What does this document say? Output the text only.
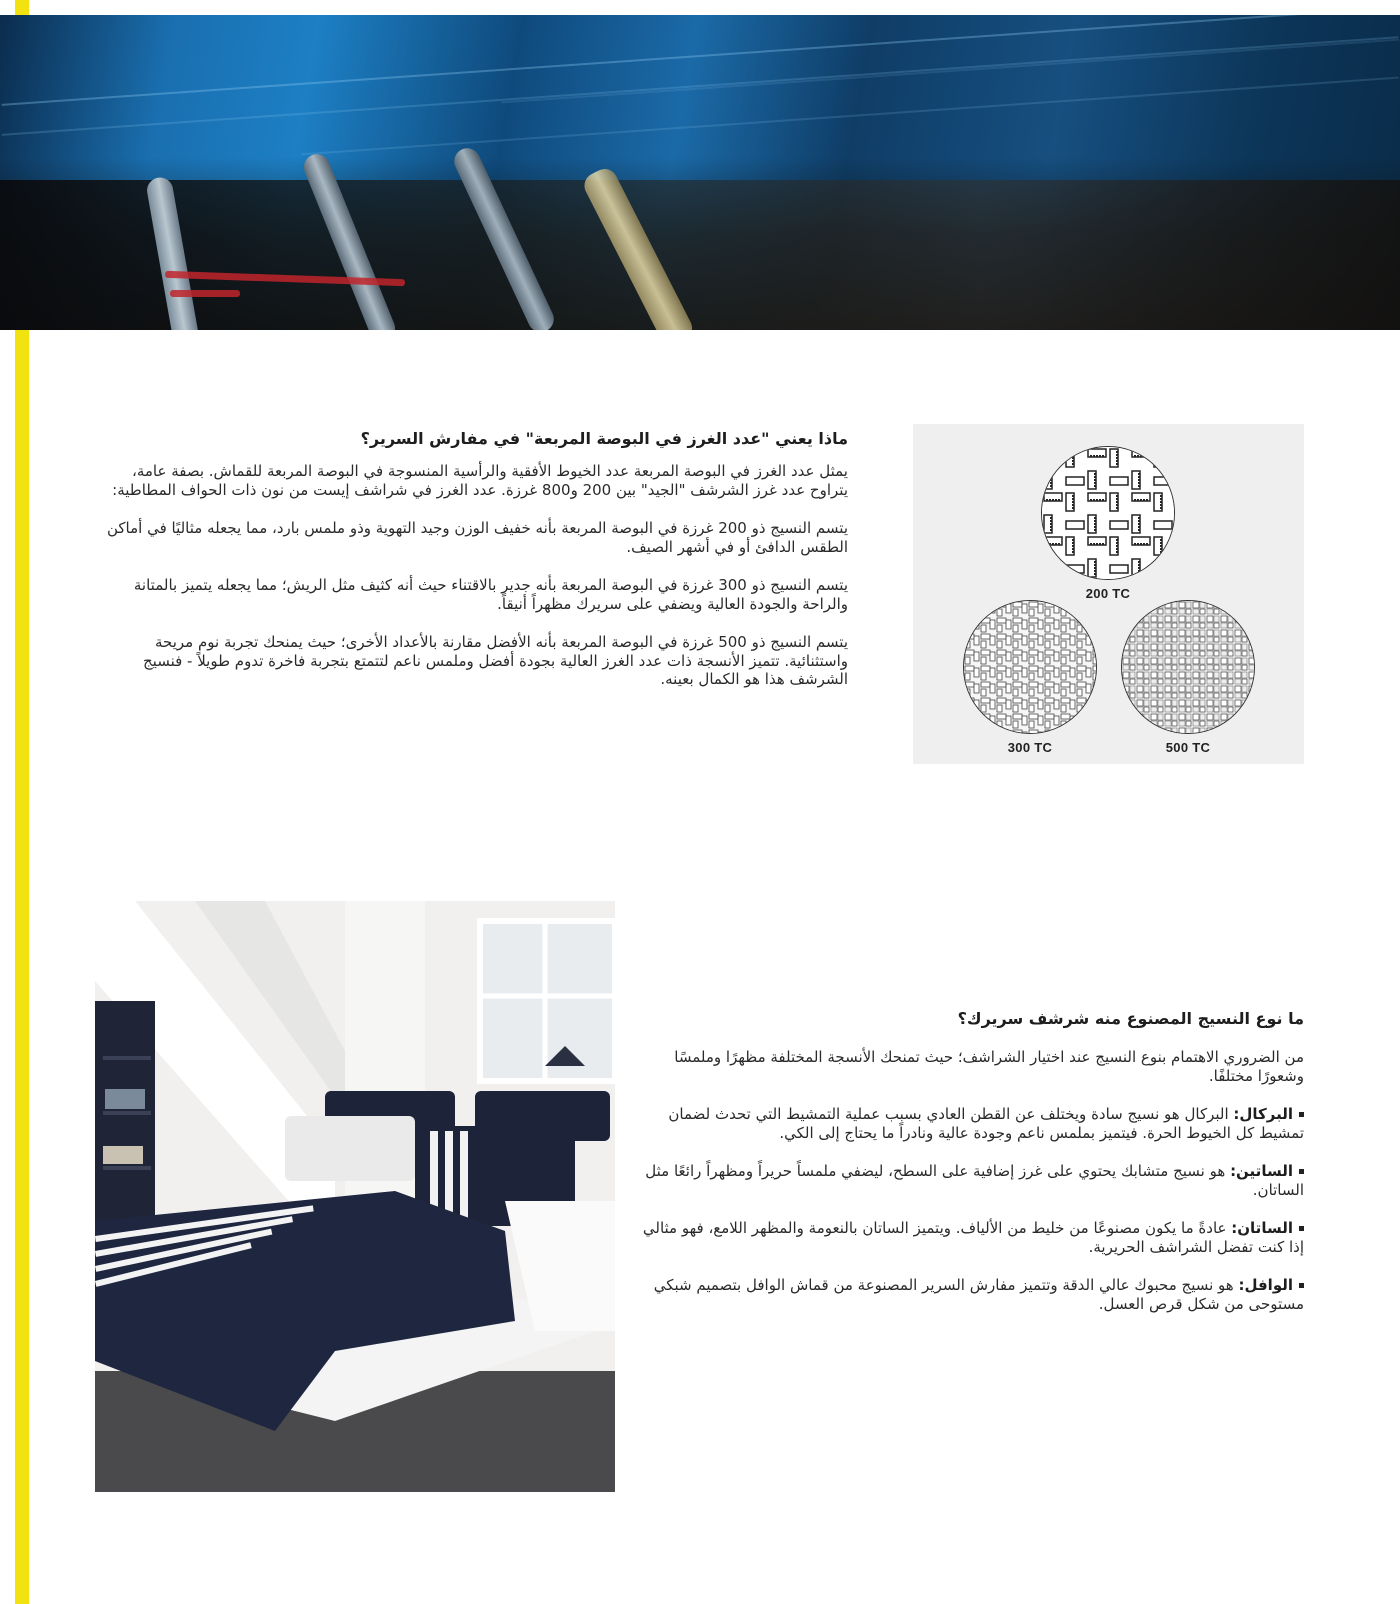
ماذا يعني "عدد الغرز في البوصة المربعة" في مفارش السرير؟

يمثل عدد الغرز في البوصة المربعة عدد الخيوط الأفقية والرأسية المنسوجة في البوصة المربعة للقماش. بصفة عامة، يتراوح عدد غرز الشرشف "الجيد" بين 200 و800 غرزة. عدد الغرز في شراشف إيست من نون ذات الحواف المطاطية:

يتسم النسيج ذو 200 غرزة في البوصة المربعة بأنه خفيف الوزن وجيد التهوية وذو ملمس بارد، مما يجعله مثاليًا في أماكن الطقس الدافئ أو في أشهر الصيف.

يتسم النسيج ذو 300 غرزة في البوصة المربعة بأنه جدير بالاقتناء حيث أنه كثيف مثل الريش؛ مما يجعله يتميز بالمتانة والراحة والجودة العالية ويضفي على سريرك مظهراً أنيقاً.

يتسم النسيج ذو 500 غرزة في البوصة المربعة بأنه الأفضل مقارنة بالأعداد الأخرى؛ حيث يمنحك تجربة نوم مريحة واستثنائية. تتميز الأنسجة ذات عدد الغرز العالية بجودة أفضل وملمس ناعم لتتمتع بتجربة فاخرة تدوم طويلاً - فنسيج الشرشف هذا هو الكمال بعينه.

200 TC
300 TC	500 TC
ما نوع النسيج المصنوع منه شرشف سريرك؟

من الضروري الاهتمام بنوع النسيج عند اختيار الشراشف؛ حيث تمنحك الأنسجة المختلفة مظهرًا وملمسًا وشعورًا مختلفًا.

البركال: البركال هو نسيج سادة ويختلف عن القطن العادي بسبب عملية التمشيط التي تحدث لضمان تمشيط كل الخيوط الحرة. فيتميز بملمس ناعم وجودة عالية ونادراً ما يحتاج إلى الكي.

الساتين: هو نسيج متشابك يحتوي على غرز إضافية على السطح، ليضفي ملمساً حريراً ومظهراً رائعًا مثل الساتان.

الساتان: عادةً ما يكون مصنوعًا من خليط من الألياف. ويتميز الساتان بالنعومة والمظهر اللامع، فهو مثالي إذا كنت تفضل الشراشف الحريرية.

الوافل: هو نسيج محبوك عالي الدقة وتتميز مفارش السرير المصنوعة من قماش الوافل بتصميم شبكي مستوحى من شكل قرص العسل.
